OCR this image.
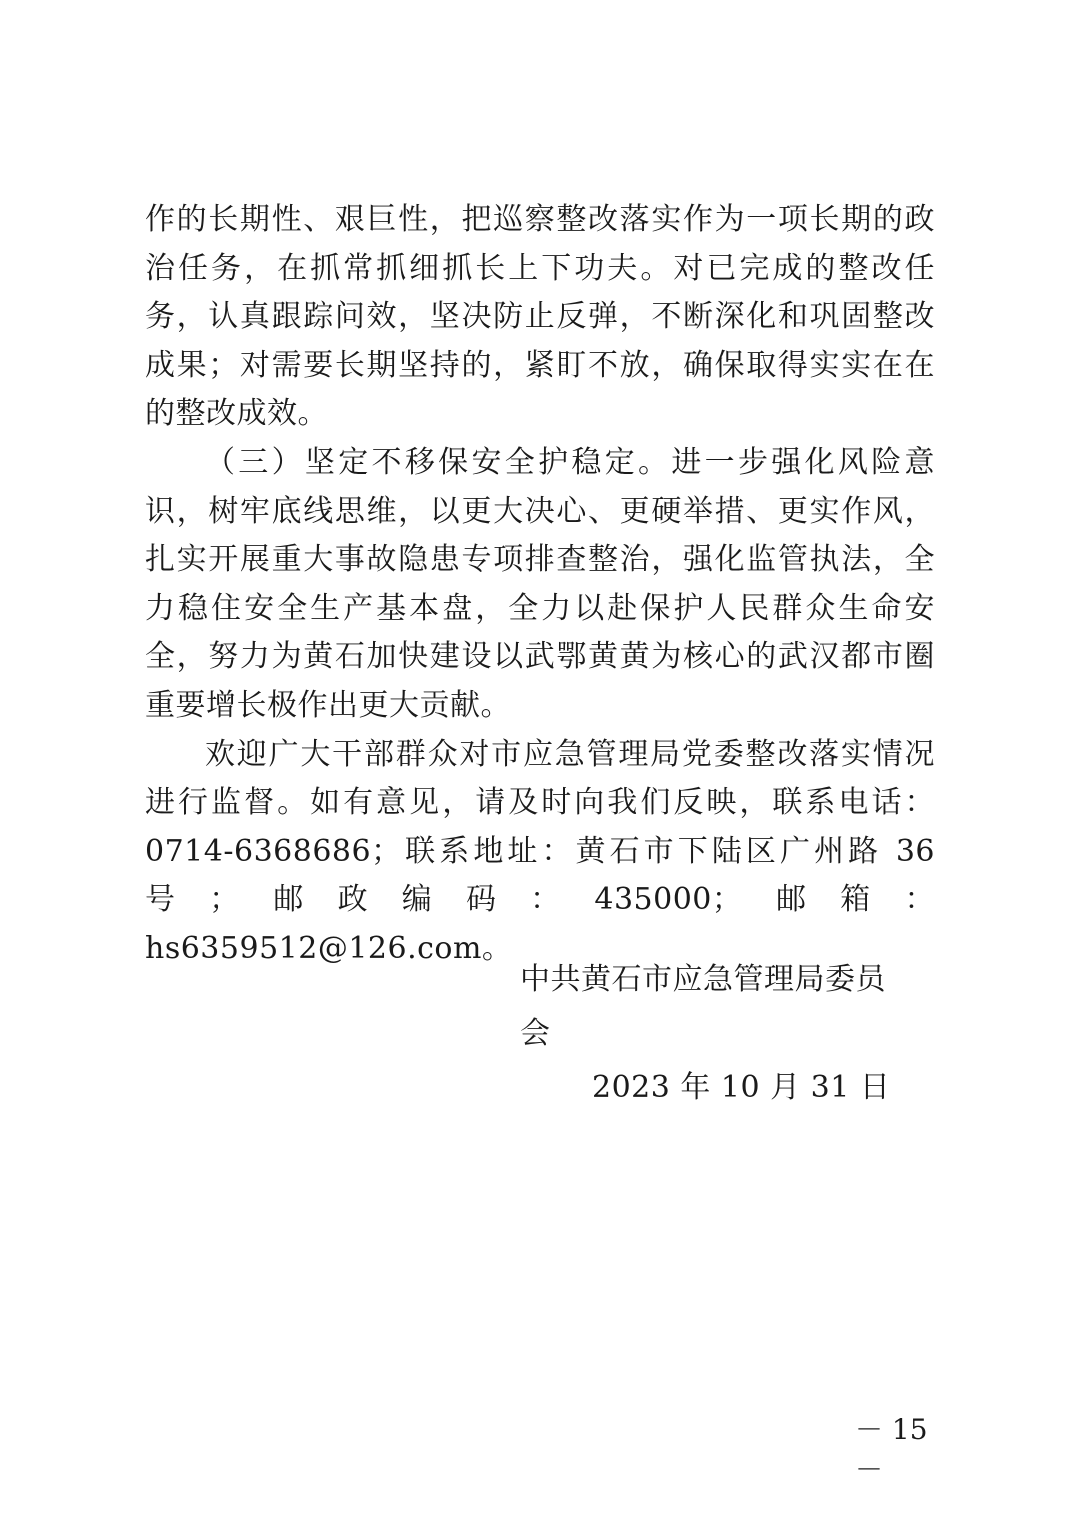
作的长期性、艰巨性，把巡察整改落实作为一项长期的政治任务，在抓常抓细抓长上下功夫。对已完成的整改任务，认真跟踪问效，坚决防止反弹，不断深化和巩固整改成果；对需要长期坚持的，紧盯不放，确保取得实实在在的整改成效。

（三）坚定不移保安全护稳定。进一步强化风险意识，树牢底线思维，以更大决心、更硬举措、更实作风，扎实开展重大事故隐患专项排查整治，强化监管执法，全力稳住安全生产基本盘，全力以赴保护人民群众生命安全，努力为黄石加快建设以武鄂黄黄为核心的武汉都市圈重要增长极作出更大贡献。

欢迎广大干部群众对市应急管理局党委整改落实情况进行监督。如有意见，请及时向我们反映，联系电话：0714-6368686；联系地址：黄石市下陆区广州路 36 号；邮政编码：435000；邮箱：hs6359512@126.com。

中共黄石市应急管理局委员会
2023 年 10 月 31 日
－ 15 －
